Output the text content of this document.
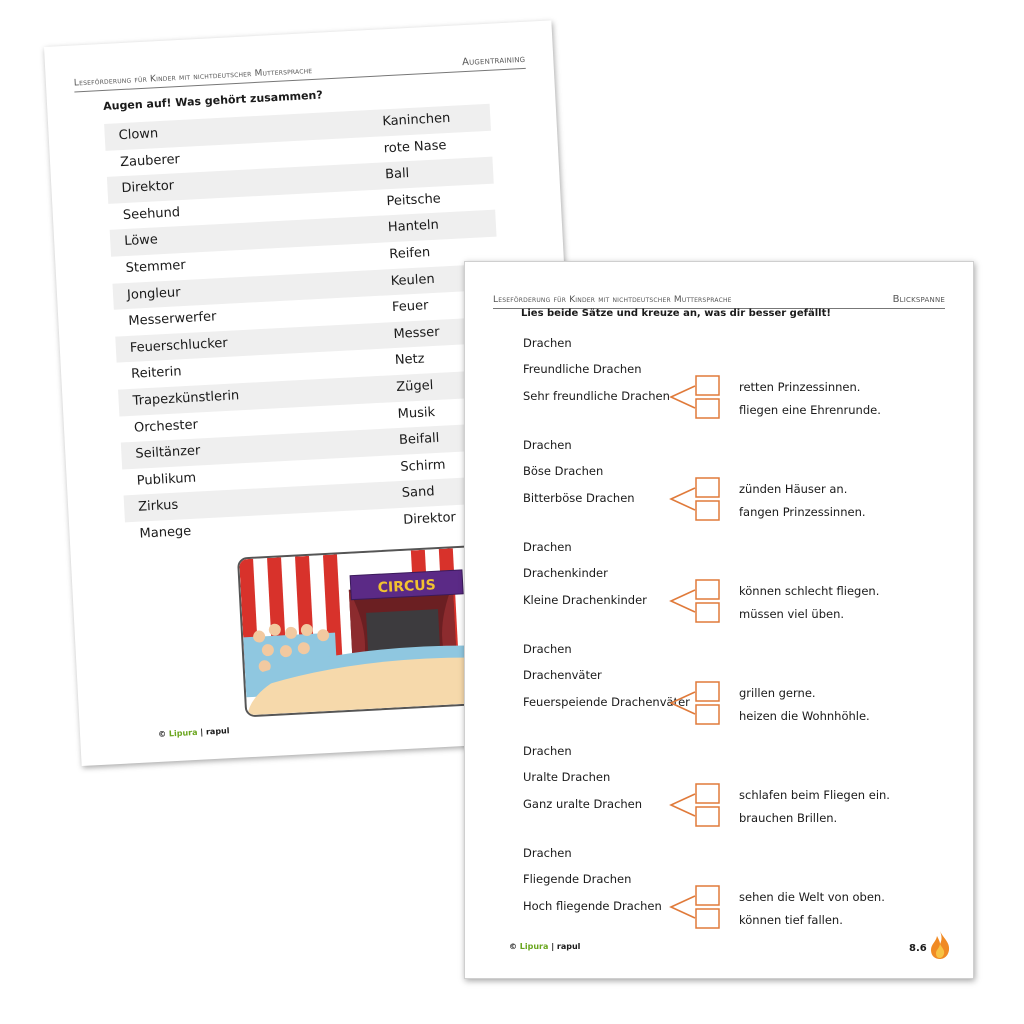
Leseförderung für Kinder mit nichtdeutscher Muttersprache
Augentraining
Augen auf! Was gehört zusammen?
Clown
Kaninchen
Zauberer
rote Nase
Direktor
Ball
Seehund
Peitsche
Löwe
Hanteln
Stemmer
Reifen
Jongleur
Keulen
Messerwerfer
Feuer
Feuerschlucker
Messer
Reiterin
Netz
Trapezkünstlerin
Zügel
Orchester
Musik
Seiltänzer
Beifall
Publikum
Schirm
Zirkus
Sand
Manege
Direktor
CIRCUS
© Lipura | rapul
Leseförderung für Kinder mit nichtdeutscher Muttersprache	Blickspanne
Lies beide Sätze und kreuze an, was dir besser gefällt!
Drachen
Freundliche Drachen
Sehr freundliche Drachen
retten Prinzessinnen.
fliegen eine Ehrenrunde.
Drachen
Böse Drachen
Bitterböse Drachen
zünden Häuser an.
fangen Prinzessinnen.
Drachen
Drachenkinder
Kleine Drachenkinder
können schlecht fliegen.
müssen viel üben.
Drachen
Drachenväter
Feuerspeiende Drachenväter
grillen gerne.
heizen die Wohnhöhle.
Drachen
Uralte Drachen
Ganz uralte Drachen
schlafen beim Fliegen ein.
brauchen Brillen.
Drachen
Fliegende Drachen
Hoch fliegende Drachen
sehen die Welt von oben.
können tief fallen.
© Lipura | rapul	8.6
